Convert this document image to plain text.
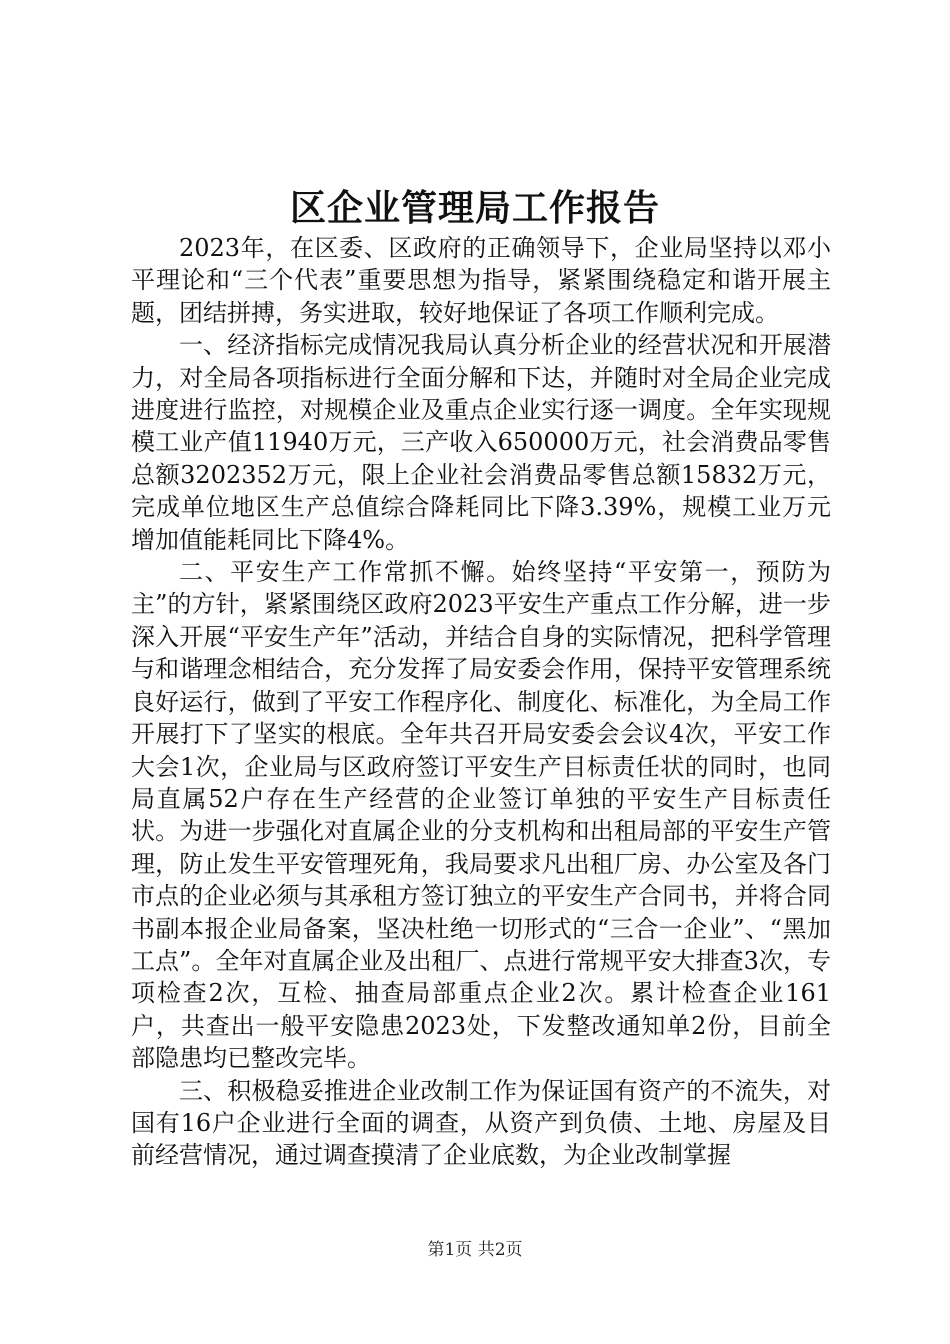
区企业管理局工作报告

2023年，在区委、区政府的正确领导下，企业局坚持以邓小平理论和“三个代表”重要思想为指导，紧紧围绕稳定和谐开展主题，团结拼搏，务实进取，较好地保证了各项工作顺利完成。

一、经济指标完成情况我局认真分析企业的经营状况和开展潜力，对全局各项指标进行全面分解和下达，并随时对全局企业完成进度进行监控，对规模企业及重点企业实行逐一调度。全年实现规模工业产值11940万元，三产收入650000万元，社会消费品零售总额3202352万元，限上企业社会消费品零售总额15832万元，完成单位地区生产总值综合降耗同比下降3.39%，规模工业万元增加值能耗同比下降4%。

二、平安生产工作常抓不懈。始终坚持“平安第一，预防为主”的方针，紧紧围绕区政府2023平安生产重点工作分解，进一步深入开展“平安生产年”活动，并结合自身的实际情况，把科学管理与和谐理念相结合，充分发挥了局安委会作用，保持平安管理系统良好运行，做到了平安工作程序化、制度化、标准化，为全局工作开展打下了坚实的根底。全年共召开局安委会会议4次，平安工作大会1次，企业局与区政府签订平安生产目标责任状的同时，也同局直属52户存在生产经营的企业签订单独的平安生产目标责任状。为进一步强化对直属企业的分支机构和出租局部的平安生产管理，防止发生平安管理死角，我局要求凡出租厂房、办公室及各门市点的企业必须与其承租方签订独立的平安生产合同书，并将合同书副本报企业局备案，坚决杜绝一切形式的“三合一企业”、“黑加工点”。全年对直属企业及出租厂、点进行常规平安大排查3次，专项检查2次，互检、抽查局部重点企业2次。累计检查企业161户，共查出一般平安隐患2023处，下发整改通知单2份，目前全部隐患均已整改完毕。

三、积极稳妥推进企业改制工作为保证国有资产的不流失，对国有16户企业进行全面的调查，从资产到负债、土地、房屋及目前经营情况，通过调查摸清了企业底数，为企业改制掌握

第1页 共2页
